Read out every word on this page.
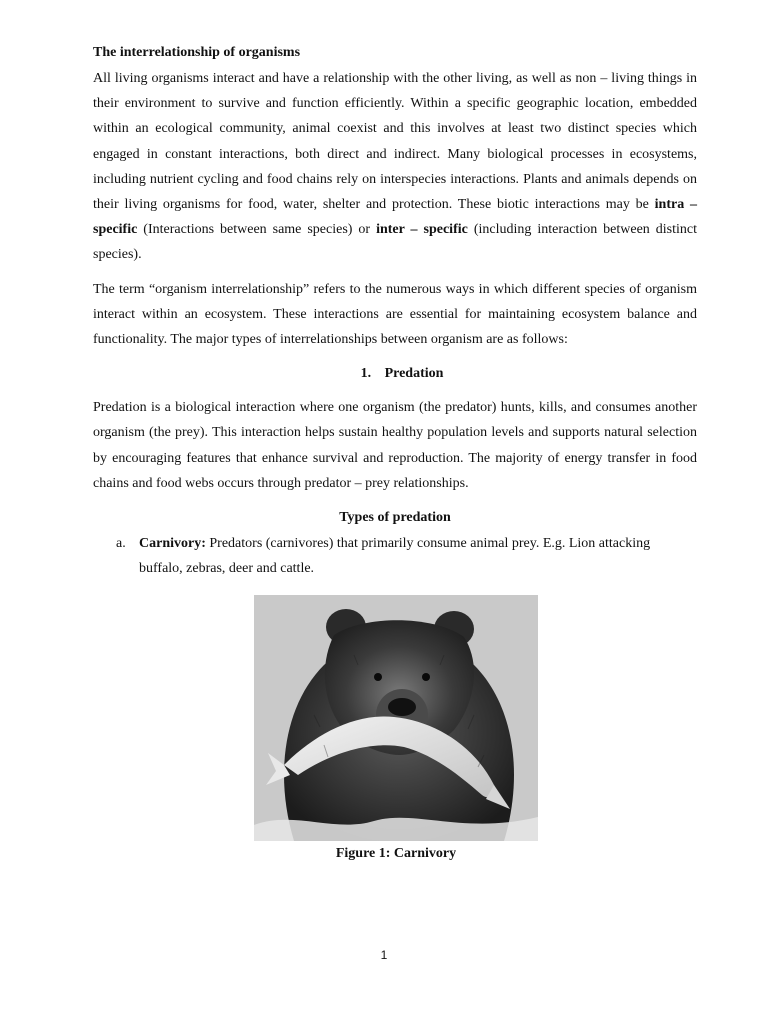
The interrelationship of organisms

All living organisms interact and have a relationship with the other living, as well as non – living things in their environment to survive and function efficiently. Within a specific geographic location, embedded within an ecological community, animal coexist and this involves at least two distinct species which engaged in constant interactions, both direct and indirect. Many biological processes in ecosystems, including nutrient cycling and food chains rely on interspecies interactions. Plants and animals depends on their living organisms for food, water, shelter and protection. These biotic interactions may be intra – specific (Interactions between same species) or inter – specific (including interaction between distinct species).

The term “organism interrelationship” refers to the numerous ways in which different species of organism interact within an ecosystem. These interactions are essential for maintaining ecosystem balance and functionality. The major types of interrelationships between organism are as follows:

1. Predation

Predation is a biological interaction where one organism (the predator) hunts, kills, and consumes another organism (the prey). This interaction helps sustain healthy population levels and supports natural selection by encouraging features that enhance survival and reproduction. The majority of energy transfer in food chains and food webs occurs through predator – prey relationships.

Types of predation

a. Carnivory: Predators (carnivores) that primarily consume animal prey. E.g. Lion attacking buffalo, zebras, deer and cattle.
Figure 1: Carnivory
1
